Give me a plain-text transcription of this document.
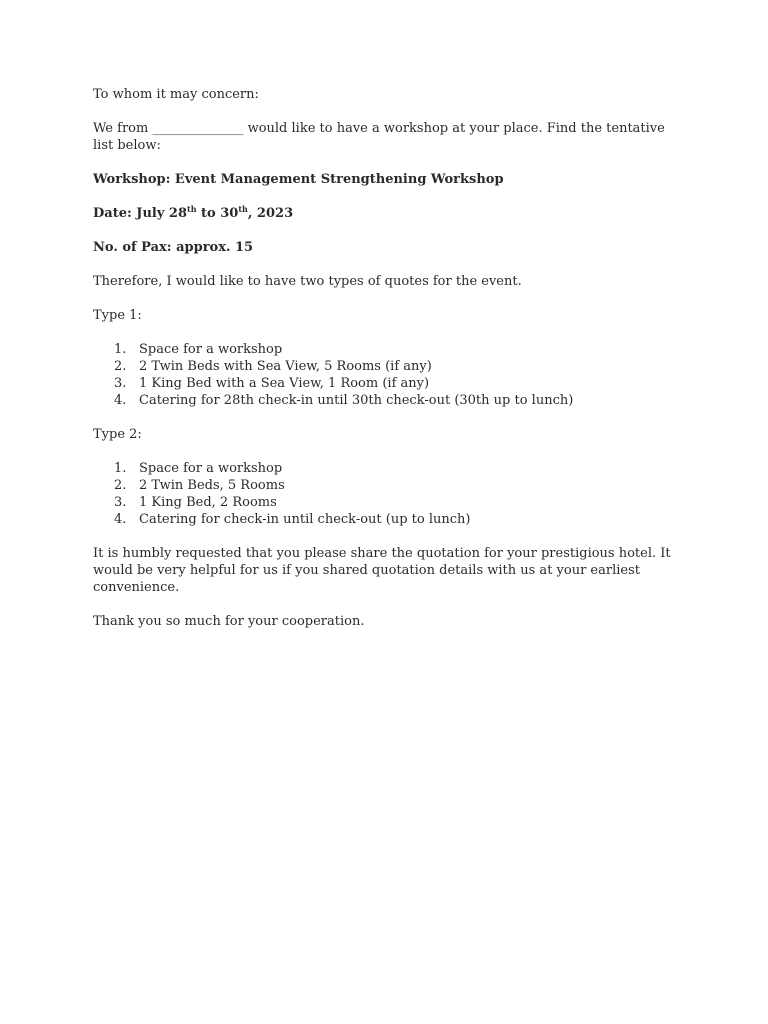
To whom it may concern:

We from ______________ would like to have a workshop at your place. Find the tentative list below:

Workshop: Event Management Strengthening Workshop

Date: July 28th to 30th, 2023

No. of Pax: approx. 15

Therefore, I would like to have two types of quotes for the event.

Type 1:

1. Space for a workshop
2. 2 Twin Beds with Sea View, 5 Rooms (if any)
3. 1 King Bed with a Sea View, 1 Room (if any)
4. Catering for 28th check-in until 30th check-out (30th up to lunch)

Type 2:

1. Space for a workshop
2. 2 Twin Beds, 5 Rooms
3. 1 King Bed, 2 Rooms
4. Catering for check-in until check-out (up to lunch)

It is humbly requested that you please share the quotation for your prestigious hotel. It would be very helpful for us if you shared quotation details with us at your earliest convenience.

Thank you so much for your cooperation.
